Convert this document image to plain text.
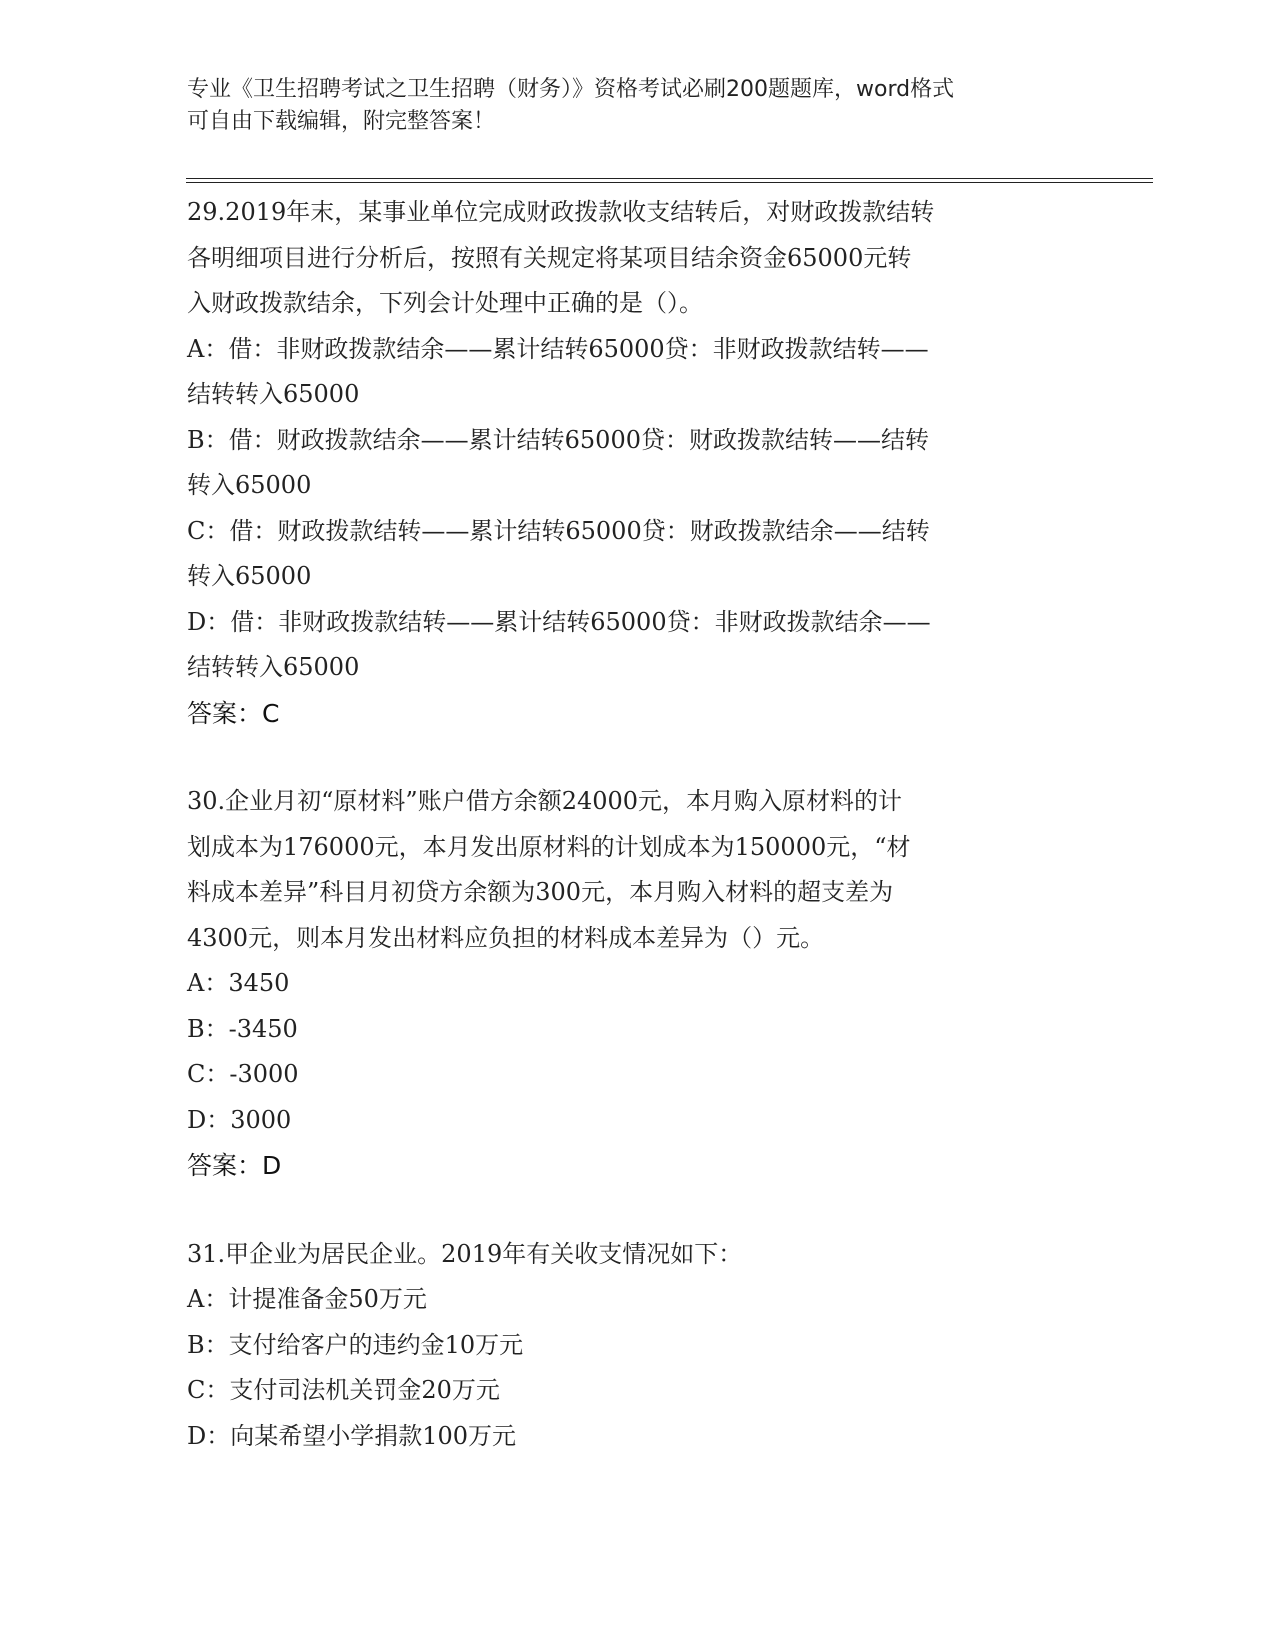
专业《卫生招聘考试之卫生招聘（财务）》资格考试必刷200题题库，word格式
可自由下载编辑，附完整答案！
29.2019年末，某事业单位完成财政拨款收支结转后，对财政拨款结转
各明细项目进行分析后，按照有关规定将某项目结余资金65000元转
入财政拨款结余，下列会计处理中正确的是（）。
A：借：非财政拨款结余——累计结转65000贷：非财政拨款结转——
结转转入65000
B：借：财政拨款结余——累计结转65000贷：财政拨款结转——结转
转入65000
C：借：财政拨款结转——累计结转65000贷：财政拨款结余——结转
转入65000
D：借：非财政拨款结转——累计结转65000贷：非财政拨款结余——
结转转入65000
答案：C
30.企业月初“原材料”账户借方余额24000元，本月购入原材料的计
划成本为176000元，本月发出原材料的计划成本为150000元，“材
料成本差异”科目月初贷方余额为300元，本月购入材料的超支差为
4300元，则本月发出材料应负担的材料成本差异为（）元。
A：3450
B：-3450
C：-3000
D：3000
答案：D
31.甲企业为居民企业。2019年有关收支情况如下：
A：计提准备金50万元
B：支付给客户的违约金10万元
C：支付司法机关罚金20万元
D：向某希望小学捐款100万元
